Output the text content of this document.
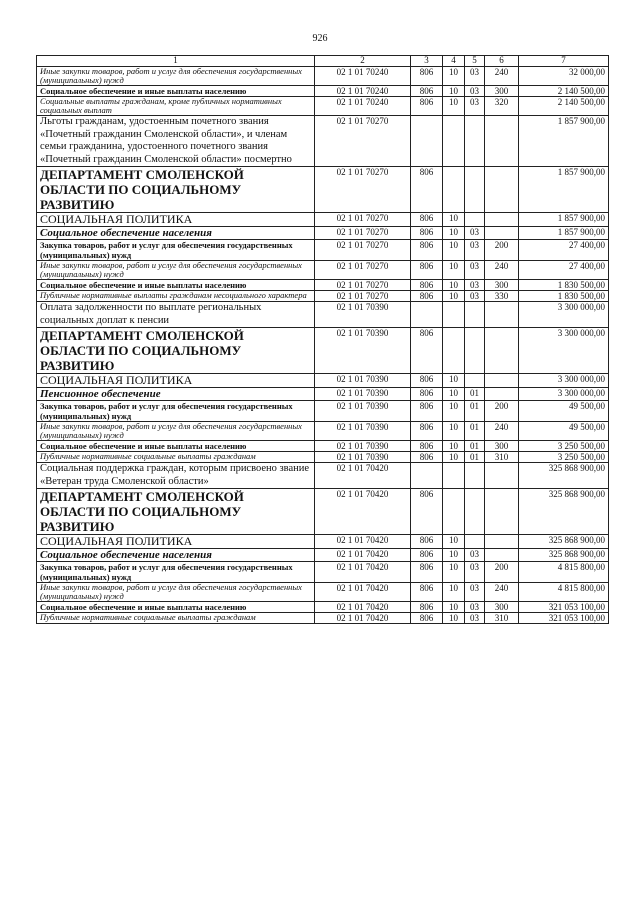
926
1	2	3	4	5	6	7
Иные закупки товаров, работ и услуг для обеспечения государственных (муниципальных) нужд	02 1 01 70240	806	10	03	240	32 000,00
Социальное обеспечение и иные выплаты населению	02 1 01 70240	806	10	03	300	2 140 500,00
Социальные выплаты гражданам, кроме публичных нормативных социальных выплат	02 1 01 70240	806	10	03	320	2 140 500,00
Льготы гражданам, удостоенным почетного звания «Почетный гражданин Смоленской области», и членам семьи гражданина, удостоенного почетного звания «Почетный гражданин Смоленской области» посмертно	02 1 01 70270					1 857 900,00
ДЕПАРТАМЕНТ СМОЛЕНСКОЙ ОБЛАСТИ ПО СОЦИАЛЬНОМУ РАЗВИТИЮ	02 1 01 70270	806				1 857 900,00
СОЦИАЛЬНАЯ ПОЛИТИКА	02 1 01 70270	806	10			1 857 900,00
Социальное обеспечение населения	02 1 01 70270	806	10	03		1 857 900,00
Закупка товаров, работ и услуг для обеспечения государственных (муниципальных) нужд	02 1 01 70270	806	10	03	200	27 400,00
Иные закупки товаров, работ и услуг для обеспечения государственных (муниципальных) нужд	02 1 01 70270	806	10	03	240	27 400,00
Социальное обеспечение и иные выплаты населению	02 1 01 70270	806	10	03	300	1 830 500,00
Публичные нормативные выплаты гражданам несоциального характера	02 1 01 70270	806	10	03	330	1 830 500,00
Оплата задолженности по выплате региональных социальных доплат к пенсии	02 1 01 70390					3 300 000,00
ДЕПАРТАМЕНТ СМОЛЕНСКОЙ ОБЛАСТИ ПО СОЦИАЛЬНОМУ РАЗВИТИЮ	02 1 01 70390	806				3 300 000,00
СОЦИАЛЬНАЯ ПОЛИТИКА	02 1 01 70390	806	10			3 300 000,00
Пенсионное обеспечение	02 1 01 70390	806	10	01		3 300 000,00
Закупка товаров, работ и услуг для обеспечения государственных (муниципальных) нужд	02 1 01 70390	806	10	01	200	49 500,00
Иные закупки товаров, работ и услуг для обеспечения государственных (муниципальных) нужд	02 1 01 70390	806	10	01	240	49 500,00
Социальное обеспечение и иные выплаты населению	02 1 01 70390	806	10	01	300	3 250 500,00
Публичные нормативные социальные выплаты гражданам	02 1 01 70390	806	10	01	310	3 250 500,00
Социальная поддержка граждан, которым присвоено звание «Ветеран труда Смоленской области»	02 1 01 70420					325 868 900,00
ДЕПАРТАМЕНТ СМОЛЕНСКОЙ ОБЛАСТИ ПО СОЦИАЛЬНОМУ РАЗВИТИЮ	02 1 01 70420	806				325 868 900,00
СОЦИАЛЬНАЯ ПОЛИТИКА	02 1 01 70420	806	10			325 868 900,00
Социальное обеспечение населения	02 1 01 70420	806	10	03		325 868 900,00
Закупка товаров, работ и услуг для обеспечения государственных (муниципальных) нужд	02 1 01 70420	806	10	03	200	4 815 800,00
Иные закупки товаров, работ и услуг для обеспечения государственных (муниципальных) нужд	02 1 01 70420	806	10	03	240	4 815 800,00
Социальное обеспечение и иные выплаты населению	02 1 01 70420	806	10	03	300	321 053 100,00
Публичные нормативные социальные выплаты гражданам	02 1 01 70420	806	10	03	310	321 053 100,00
